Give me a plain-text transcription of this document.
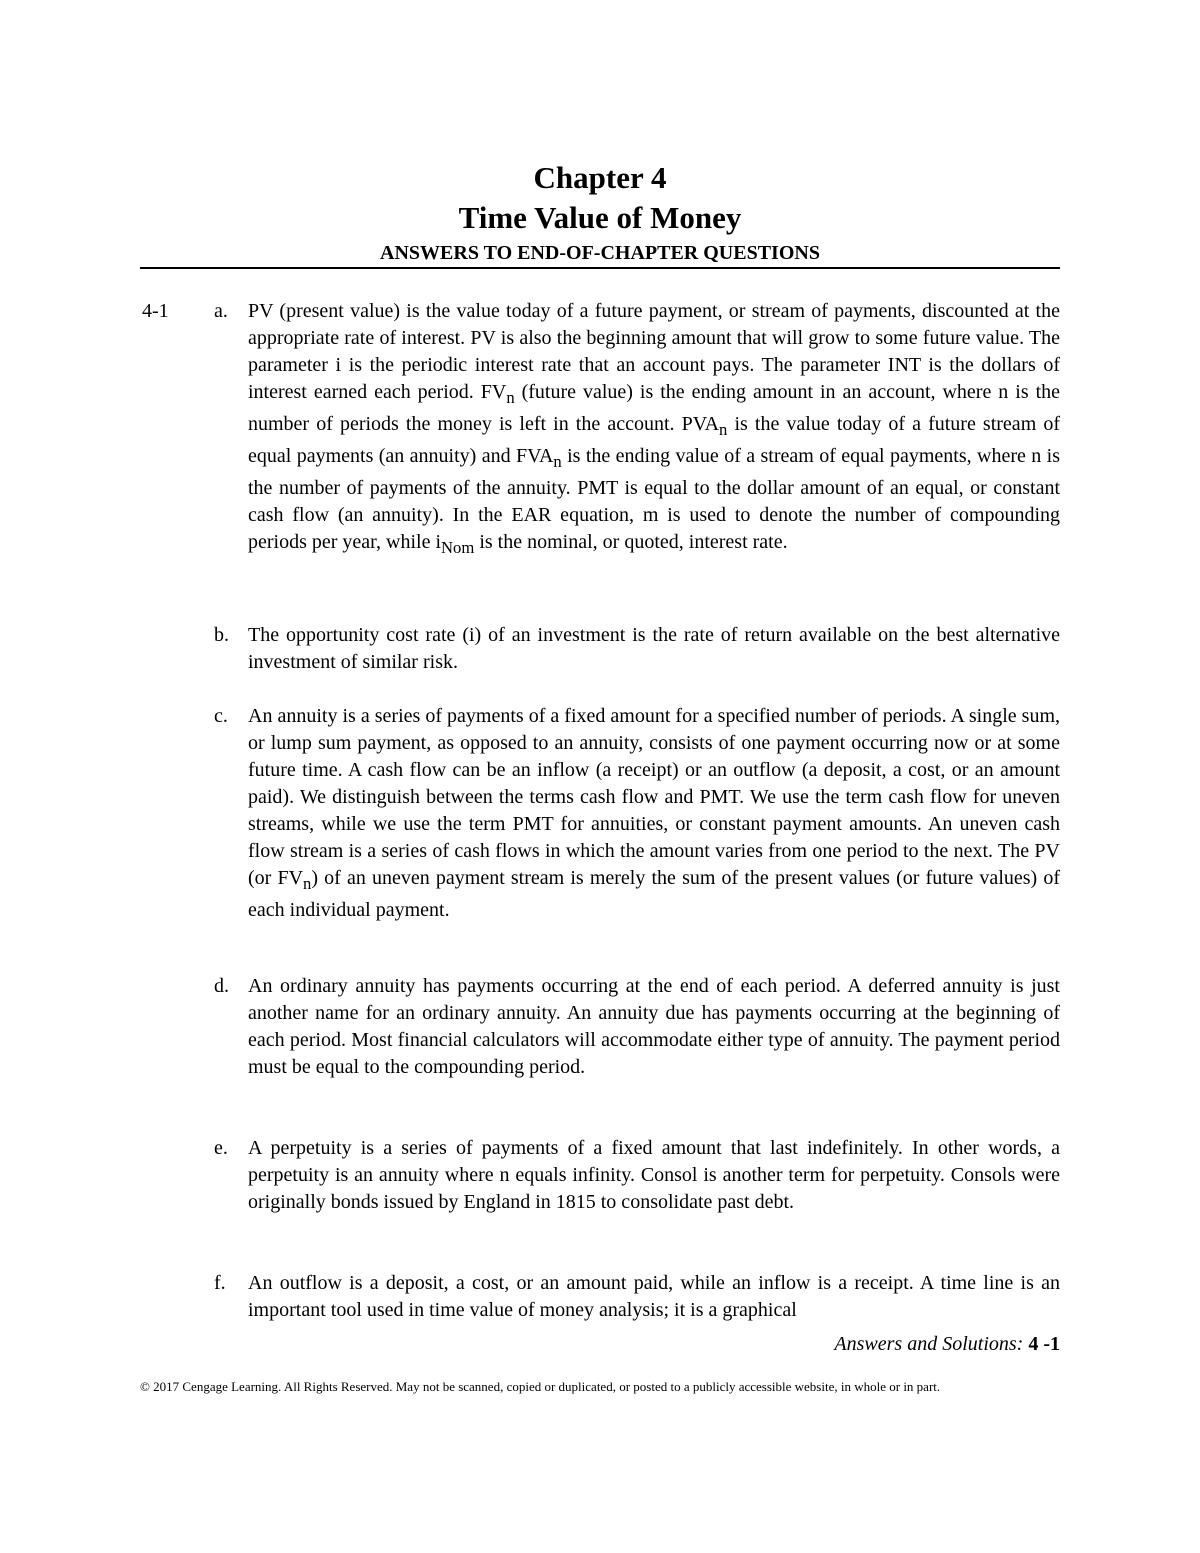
Chapter 4
Time Value of Money
ANSWERS TO END-OF-CHAPTER QUESTIONS
4-1 a. PV (present value) is the value today of a future payment, or stream of payments, discounted at the appropriate rate of interest. PV is also the beginning amount that will grow to some future value. The parameter i is the periodic interest rate that an account pays. The parameter INT is the dollars of interest earned each period. $FV_n$ (future value) is the ending amount in an account, where n is the number of periods the money is left in the account. $PVA_n$ is the value today of a future stream of equal payments (an annuity) and $FVA_n$ is the ending value of a stream of equal payments, where n is the number of payments of the annuity. PMT is equal to the dollar amount of an equal, or constant cash flow (an annuity). In the EAR equation, m is used to denote the number of compounding periods per year, while $i_{Nom}$ is the nominal, or quoted, interest rate.
b. The opportunity cost rate (i) of an investment is the rate of return available on the best alternative investment of similar risk.
c. An annuity is a series of payments of a fixed amount for a specified number of periods. A single sum, or lump sum payment, as opposed to an annuity, consists of one payment occurring now or at some future time. A cash flow can be an inflow (a receipt) or an outflow (a deposit, a cost, or an amount paid). We distinguish between the terms cash flow and PMT. We use the term cash flow for uneven streams, while we use the term PMT for annuities, or constant payment amounts. An uneven cash flow stream is a series of cash flows in which the amount varies from one period to the next. The PV (or $FV_n$) of an uneven payment stream is merely the sum of the present values (or future values) of each individual payment.
d. An ordinary annuity has payments occurring at the end of each period. A deferred annuity is just another name for an ordinary annuity. An annuity due has payments occurring at the beginning of each period. Most financial calculators will accommodate either type of annuity. The payment period must be equal to the compounding period.
e. A perpetuity is a series of payments of a fixed amount that last indefinitely. In other words, a perpetuity is an annuity where n equals infinity. Consol is another term for perpetuity. Consols were originally bonds issued by England in 1815 to consolidate past debt.
f. An outflow is a deposit, a cost, or an amount paid, while an inflow is a receipt. A time line is an important tool used in time value of money analysis; it is a graphical
Answers and Solutions: 4 -1
© 2017 Cengage Learning. All Rights Reserved. May not be scanned, copied or duplicated, or posted to a publicly accessible website, in whole or in part.
